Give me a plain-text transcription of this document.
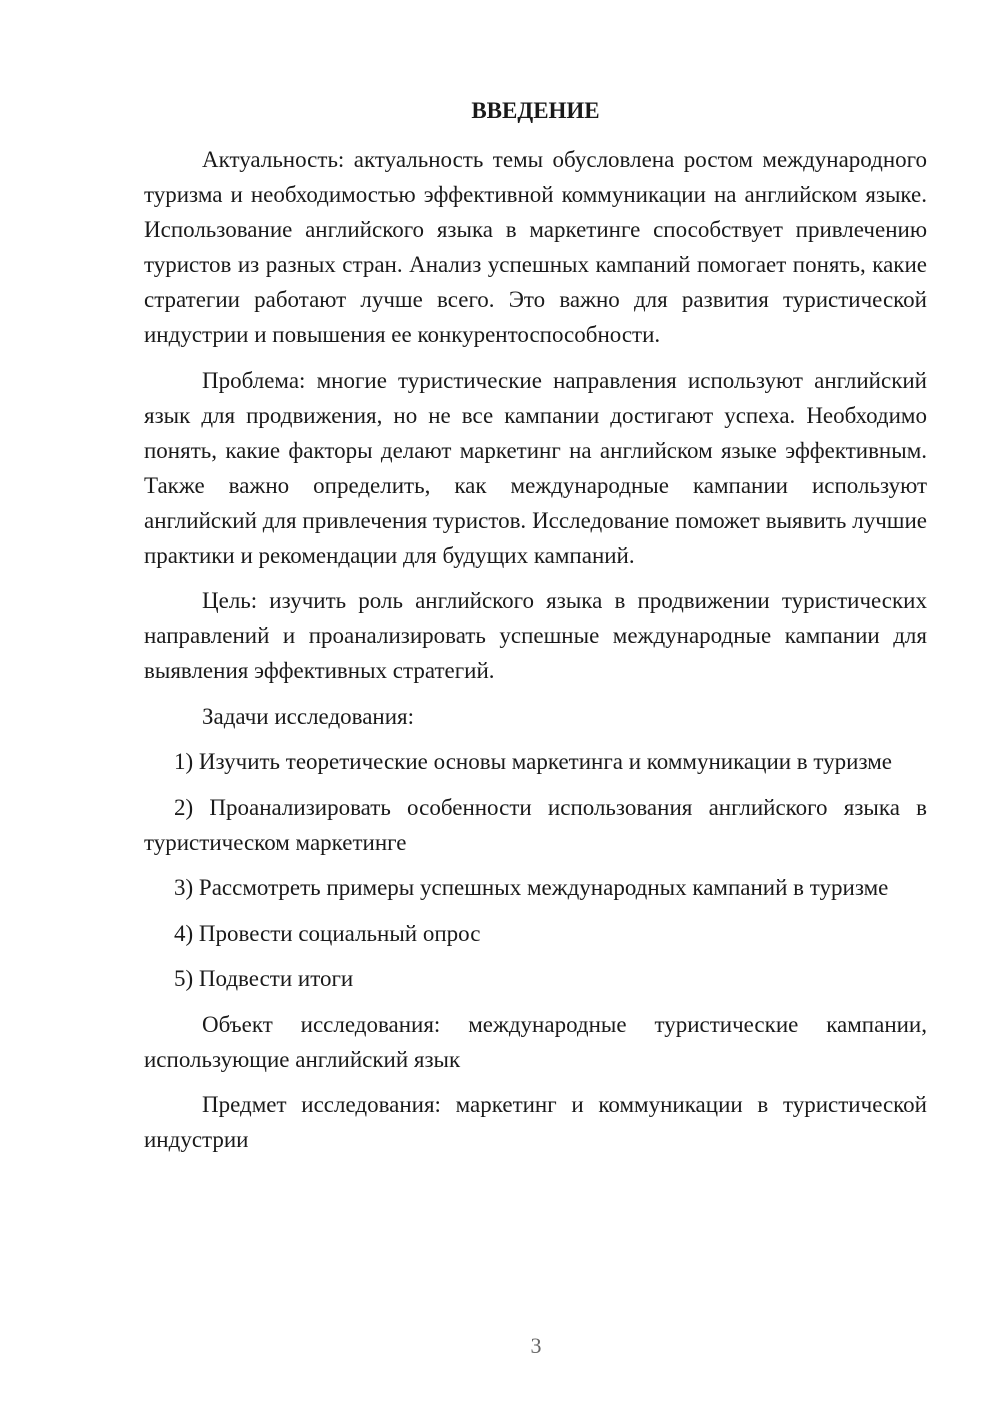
ВВЕДЕНИЕ

Актуальность: актуальность темы обусловлена ростом международного туризма и необходимостью эффективной коммуникации на английском языке. Использование английского языка в маркетинге способствует привлечению туристов из разных стран. Анализ успешных кампаний помогает понять, какие стратегии работают лучше всего. Это важно для развития туристической индустрии и повышения ее конкурентоспособности.

Проблема: многие туристические направления используют английский язык для продвижения, но не все кампании достигают успеха. Необходимо понять, какие факторы делают маркетинг на английском языке эффективным. Также важно определить, как международные кампании используют английский для привлечения туристов. Исследование поможет выявить лучшие практики и рекомендации для будущих кампаний.

Цель: изучить роль английского языка в продвижении туристических направлений и проанализировать успешные международные кампании для выявления эффективных стратегий.

Задачи исследования:

1) Изучить теоретические основы маркетинга и коммуникации в туризме

2) Проанализировать особенности использования английского языка в туристическом маркетинге

3) Рассмотреть примеры успешных международных кампаний в туризме

4) Провести социальный опрос

5) Подвести итоги

Объект исследования: международные туристические кампании, использующие английский язык

Предмет исследования: маркетинг и коммуникации в туристической индустрии

3
